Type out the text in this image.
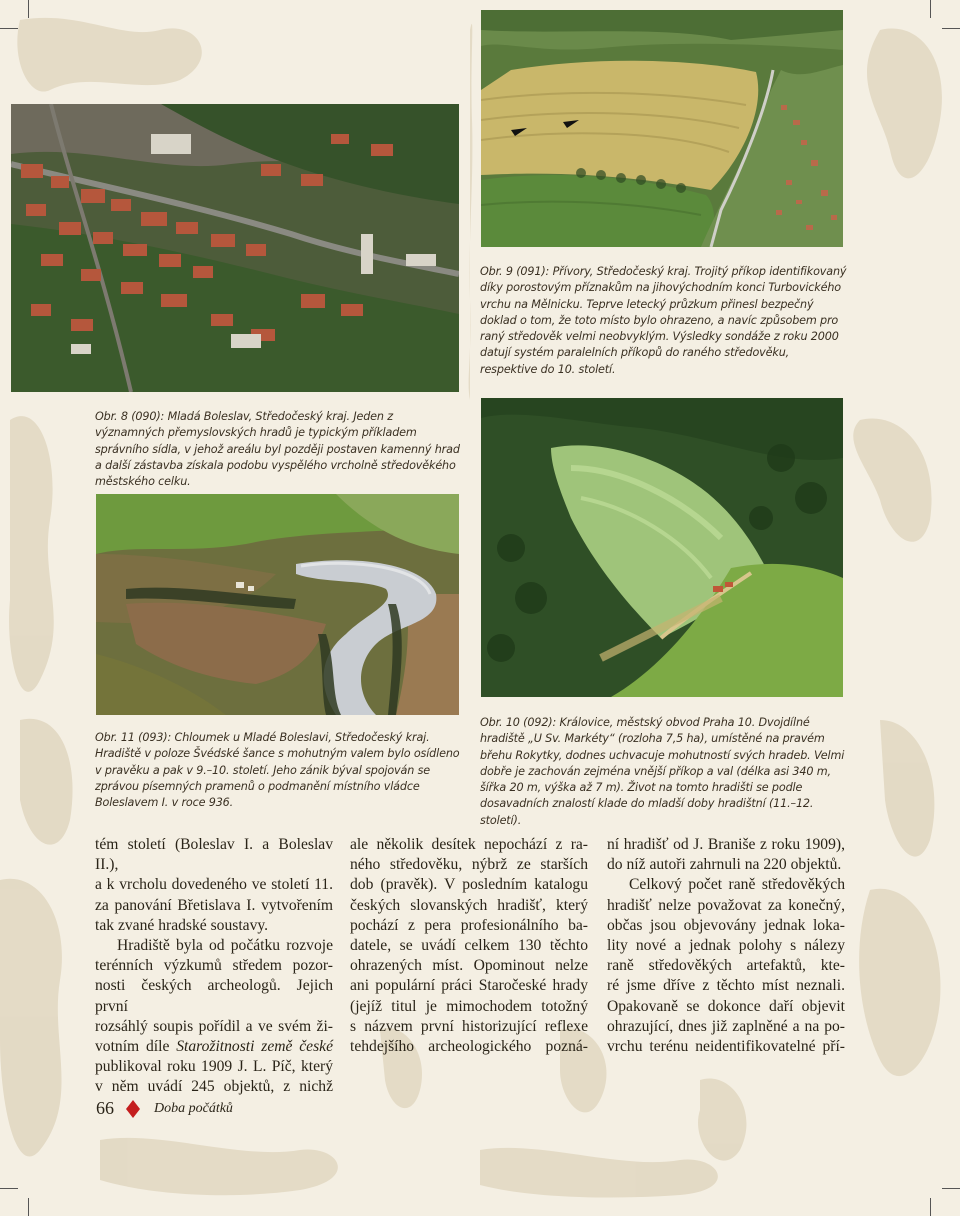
Obr. 9 (091): Přívory, Středočeský kraj. Trojitý příkop identifikovaný díky porostovým příznakům na jihovýchodním konci Turbovického vrchu na Mělnicku. Teprve letecký průzkum přinesl bezpečný doklad o tom, že toto místo bylo ohrazeno, a navíc způsobem pro raný středověk velmi neobvyklým. Výsledky sondáže z roku 2000 datují systém paralelních příkopů do raného středověku, respektive do 10. století.

Obr. 8 (090): Mladá Boleslav, Středočeský kraj. Jeden z významných přemyslovských hradů je typickým příkladem správního sídla, v jehož areálu byl později postaven kamenný hrad a další zástavba získala podobu vyspělého vrcholně středověkého městského celku.

Obr. 11 (093): Chloumek u Mladé Boleslavi, Středočeský kraj. Hradiště v poloze Švédské šance s mohutným valem bylo osídleno v pravěku a pak v 9.–10. století. Jeho zánik býval spojován se zprávou písemných pramenů o podmanění místního vládce Boleslavem I. v roce 936.

Obr. 10 (092): Královice, městský obvod Praha 10. Dvojdílné hradiště „U Sv. Markéty“ (rozloha 7,5 ha), umístěné na pravém břehu Rokytky, dodnes uchvacuje mohutností svých hradeb. Velmi dobře je zachován zejména vnější příkop a val (délka asi 340 m, šířka 20 m, výška až 7 m). Život na tomto hradišti se podle dosavadních znalostí klade do mladší doby hradištní (11.–12. století).

tém století (Boleslav I. a Boleslav II.),
a k vrcholu dovedeného ve století 11.
za panování Břetislava I. vytvořením
tak zvané hradské soustavy.

Hradiště byla od počátku rozvoje
terénních výzkumů středem pozor-
nosti českých archeologů. Jejich první
rozsáhlý soupis pořídil a ve svém ži-
votním díle Starožitnosti země české
publikoval roku 1909 J. L. Píč, který
v něm uvádí 245 objektů, z nichž

ale několik desítek nepochází z ra-
ného středověku, nýbrž ze starších
dob (pravěk). V posledním katalogu
českých slovanských hradišť, který
pochází z pera profesionálního ba-
datele, se uvádí celkem 130 těchto
ohrazených míst. Opominout nelze
ani populární práci Staročeské hrady
(jejíž titul je mimochodem totožný
s názvem první historizující reflexe
tehdejšího archeologického pozná-

ní hradišť od J. Braniše z roku 1909),
do níž autoři zahrnuli na 220 objektů.

Celkový počet raně středověkých
hradišť nelze považovat za konečný,
občas jsou objevovány jednak loka-
lity nové a jednak polohy s nálezy
raně středověkých artefaktů, kte-
ré jsme dříve z těchto míst neznali.
Opakovaně se dokonce daří objevit
ohrazující, dnes již zaplněné a na po-
vrchu terénu neidentifikovatelné pří-

66	Doba počátků
